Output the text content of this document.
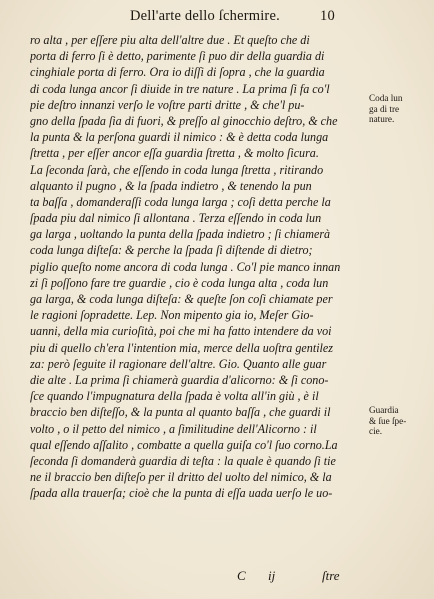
Dell'arte dello ſchermire.	10
ro alta , per eſſere piu alta dell'altre due . Et queſto che di
porta di ferro ſi è detto, parimente ſi puo dir della guardia di
cinghiale porta di ferro. Ora io diſſi di ſopra , che la guardia
di coda lunga ancor ſi diuide in tre nature . La prima ſi fa co'l
pie deſtro innanzi verſo le voſtre parti dritte , & che'l pu-
gno della ſpada ſia di fuori, & preſſo al ginocchio deſtro, & che
la punta & la perſona guardi il nimico : & è detta coda lunga
ſtretta , per eſſer ancor eſſa guardia ſtretta , & molto ſicura.
La ſeconda ſarà, che eſſendo in coda lunga ſtretta , ritirando
alquanto il pugno , & la ſpada indietro , & tenendo la pun
ta baſſa , domanderaſſi coda lunga larga ; coſi detta perche la
ſpada piu dal nimico ſi allontana . Terza eſſendo in coda lun
ga larga , uoltando la punta della ſpada indietro ; ſi chiamerà
coda lunga diſteſa: & perche la ſpada ſi diſtende di dietro;
piglio queſto nome ancora di coda lunga . Co'l pie manco innan
zi ſi poſſono fare tre guardie , cio è coda lunga alta , coda lun
ga larga, & coda lunga diſteſa: & queſte ſon coſi chiamate per
le ragioni ſopradette. Lep. Non mipento gia io, Meſer Gio-
uanni, della mia curioſità, poi che mi ha fatto intendere da voi
piu di quello ch'era l'intention mia, merce della uoſtra gentilez
za: però ſeguite il ragionare dell'altre. Gio. Quanto alle guar
die alte . La prima ſi chiamerà guardia d'alicorno: & ſi cono-
ſce quando l'impugnatura della ſpada è volta all'in giù , è il
braccio ben diſteſſo, & la punta al quanto baſſa , che guardi il
volto , o il petto del nimico , a ſimilitudine dell'Alicorno : il
qual eſſendo aſſalito , combatte a quella guiſa co'l ſuo corno.La
ſeconda ſi domanderà guardia di teſta : la quale è quando ſi tie
ne il braccio ben diſteſo per il dritto del uolto del nimico, & la
ſpada alla trauerſa; cioè che la punta di eſſa uada uerſo le uo-
Coda lun
ga di tre
nature.
Guardia
& ſue ſpe-
cie.
C ij	ſtre
